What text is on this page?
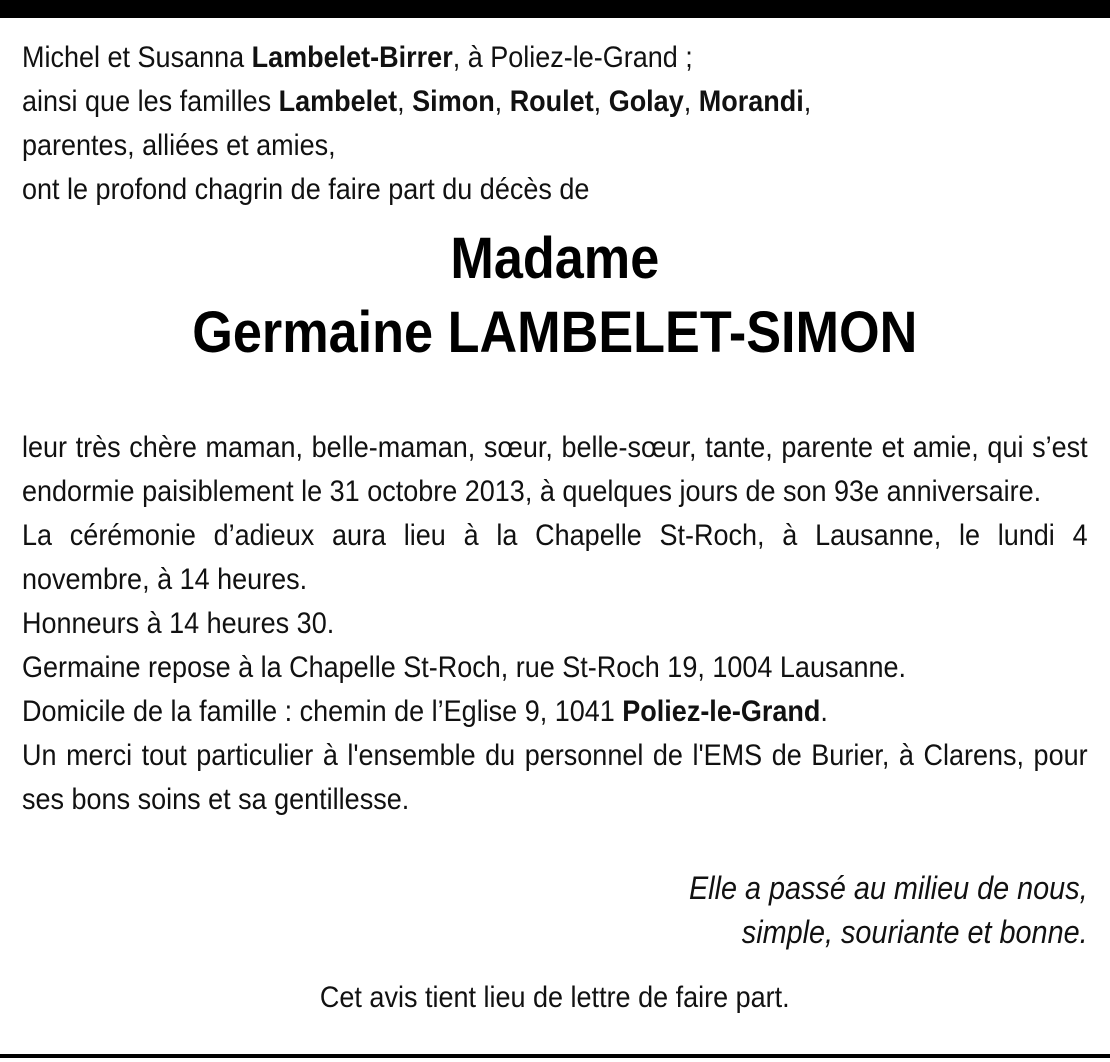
Michel et Susanna Lambelet-Birrer, à Poliez-le-Grand ;

ainsi que les familles Lambelet, Simon, Roulet, Golay, Morandi,

parentes, alliées et amies,

ont le profond chagrin de faire part du décès de

Madame
Germaine LAMBELET-SIMON

leur très chère maman, belle-maman, sœur, belle-sœur, tante, parente et amie, qui s’est endormie paisiblement le 31 octobre 2013, à quelques jours de son 93e anniversaire.

La cérémonie d’adieux aura lieu à la Chapelle St-Roch, à Lausanne, le lundi 4 novembre, à 14 heures.

Honneurs à 14 heures 30.

Germaine repose à la Chapelle St-Roch, rue St-Roch 19, 1004 Lausanne.

Domicile de la famille : chemin de l’Eglise 9, 1041 Poliez-le-Grand.

Un merci tout particulier à l'ensemble du personnel de l'EMS de Burier, à Clarens, pour ses bons soins et sa gentillesse.

Elle a passé au milieu de nous,
simple, souriante et bonne.
Cet avis tient lieu de lettre de faire part.
